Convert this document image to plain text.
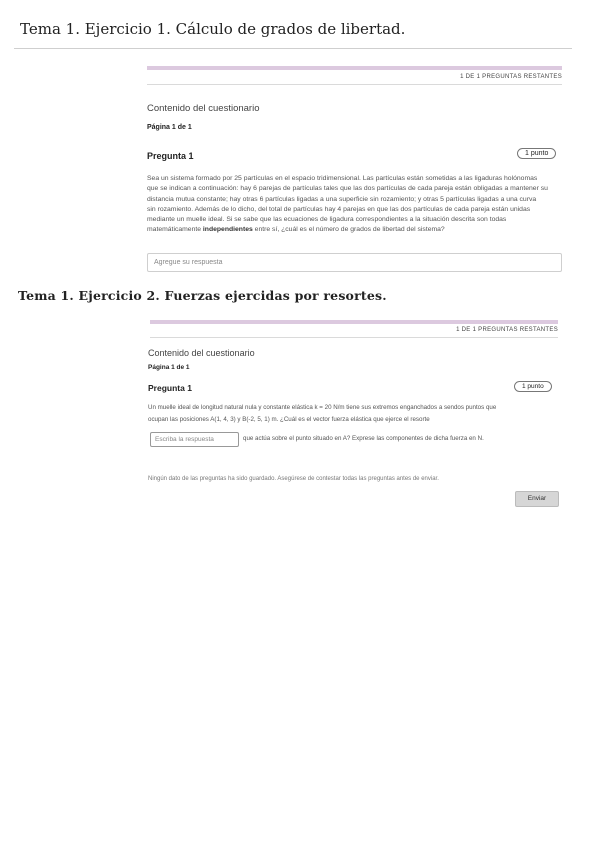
Tema 1. Ejercicio 1. Cálculo de grados de libertad.
1 DE 1 PREGUNTAS RESTANTES
Contenido del cuestionario
Página 1 de 1
Pregunta 1	1 punto
Sea un sistema formado por 25 partículas en el espacio tridimensional. Las partículas están sometidas a las ligaduras holónomas
que se indican a continuación: hay 6 parejas de partículas tales que las dos partículas de cada pareja están obligadas a mantener su
distancia mutua constante; hay otras 6 partículas ligadas a una superficie sin rozamiento; y otras 5 partículas ligadas a una curva
sin rozamiento. Además de lo dicho, del total de partículas hay 4 parejas en que las dos partículas de cada pareja están unidas
mediante un muelle ideal. Si se sabe que las ecuaciones de ligadura correspondientes a la situación descrita son todas
matemáticamente independientes entre sí, ¿cuál es el número de grados de libertad del sistema?
Agregue su respuesta
Tema 1. Ejercicio 2. Fuerzas ejercidas por resortes.
1 DE 1 PREGUNTAS RESTANTES
Contenido del cuestionario
Página 1 de 1
Pregunta 1	1 punto
Un muelle ideal de longitud natural nula y constante elástica k = 20 N/m tiene sus extremos enganchados a sendos puntos que
ocupan las posiciones A(1, 4, 3) y B(-2, 5, 1) m. ¿Cuál es el vector fuerza elástica que ejerce el resorte
Escriba la respuesta	que actúa sobre el punto situado en A? Exprese las componentes de dicha fuerza en N.
Ningún dato de las preguntas ha sido guardado. Asegúrese de contestar todas las preguntas antes de enviar.
Enviar
